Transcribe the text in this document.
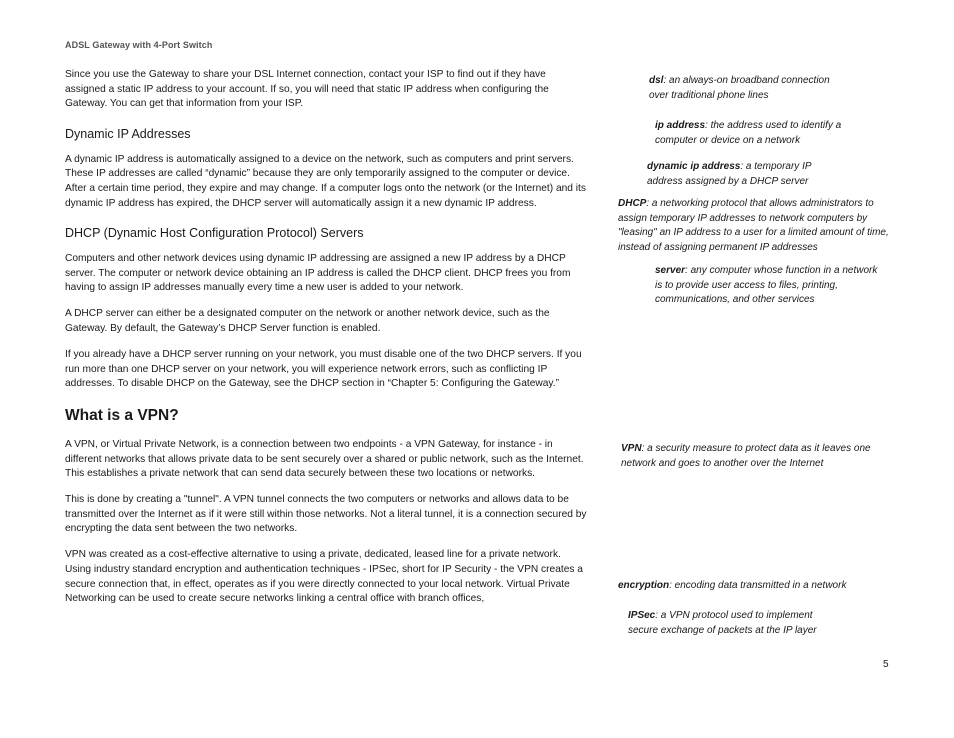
ADSL Gateway with 4-Port Switch

Since you use the Gateway to share your DSL Internet connection, contact your ISP to find out if they have assigned a static IP address to your account. If so, you will need that static IP address when configuring the Gateway. You can get that information from your ISP.

Dynamic IP Addresses

A dynamic IP address is automatically assigned to a device on the network, such as computers and print servers. These IP addresses are called “dynamic” because they are only temporarily assigned to the computer or device. After a certain time period, they expire and may change. If a computer logs onto the network (or the Internet) and its dynamic IP address has expired, the DHCP server will automatically assign it a new dynamic IP address.

DHCP (Dynamic Host Configuration Protocol) Servers

Computers and other network devices using dynamic IP addressing are assigned a new IP address by a DHCP server. The computer or network device obtaining an IP address is called the DHCP client. DHCP frees you from having to assign IP addresses manually every time a new user is added to your network.

A DHCP server can either be a designated computer on the network or another network device, such as the Gateway. By default, the Gateway’s DHCP Server function is enabled.

If you already have a DHCP server running on your network, you must disable one of the two DHCP servers. If you run more than one DHCP server on your network, you will experience network errors, such as conflicting IP addresses. To disable DHCP on the Gateway, see the DHCP section in “Chapter 5: Configuring the Gateway.”

What is a VPN?

A VPN, or Virtual Private Network, is a connection between two endpoints - a VPN Gateway, for instance - in different networks that allows private data to be sent securely over a shared or public network, such as the Internet. This establishes a private network that can send data securely between these two locations or networks.

This is done by creating a "tunnel". A VPN tunnel connects the two computers or networks and allows data to be transmitted over the Internet as if it were still within those networks. Not a literal tunnel, it is a connection secured by encrypting the data sent between the two networks.

VPN was created as a cost-effective alternative to using a private, dedicated, leased line for a private network. Using industry standard encryption and authentication techniques - IPSec, short for IP Security - the VPN creates a secure connection that, in effect, operates as if you were directly connected to your local network. Virtual Private Networking can be used to create secure networks linking a central office with branch offices,

dsl: an always-on broadband connection over traditional phone lines
ip address: the address used to identify a computer or device on a network
dynamic ip address: a temporary IP address assigned by a DHCP server
DHCP: a networking protocol that allows administrators to assign temporary IP addresses to network computers by "leasing" an IP address to a user for a limited amount of time, instead of assigning permanent IP addresses
server: any computer whose function in a network is to provide user access to files, printing, communications, and other services
VPN: a security measure to protect data as it leaves one network and goes to another over the Internet
encryption: encoding data transmitted in a network
IPSec: a VPN protocol used to implement secure exchange of packets at the IP layer
5
